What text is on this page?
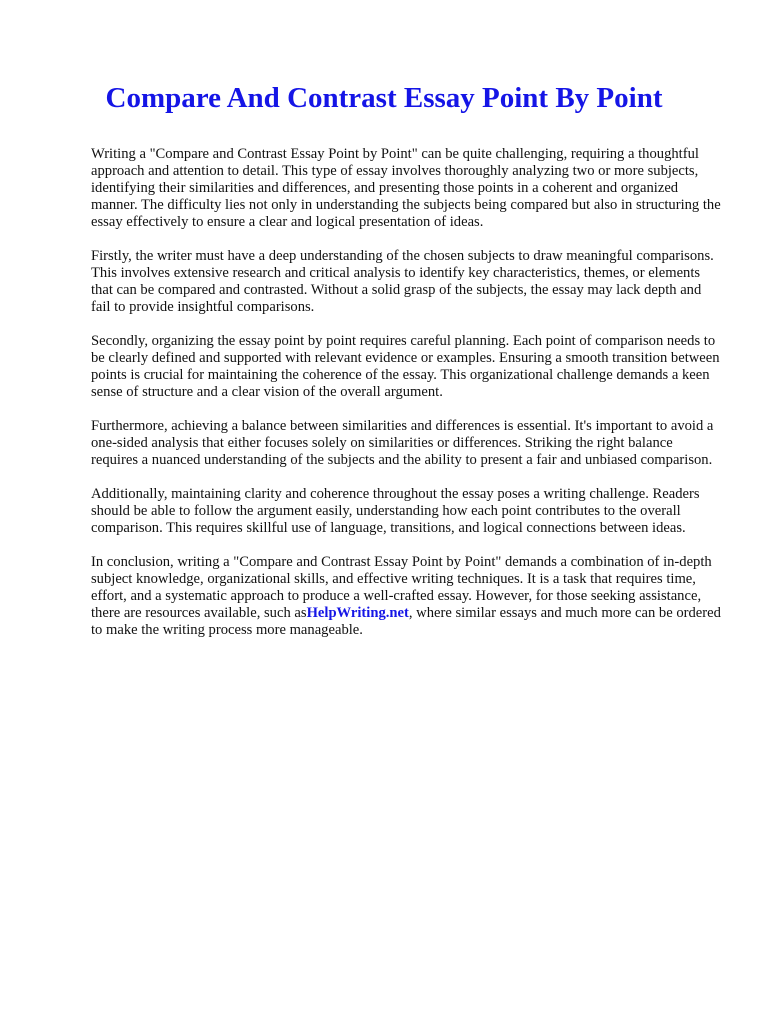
Compare And Contrast Essay Point By Point

Writing a "Compare and Contrast Essay Point by Point" can be quite challenging, requiring a thoughtful approach and attention to detail. This type of essay involves thoroughly analyzing two or more subjects, identifying their similarities and differences, and presenting those points in a coherent and organized manner. The difficulty lies not only in understanding the subjects being compared but also in structuring the essay effectively to ensure a clear and logical presentation of ideas.

Firstly, the writer must have a deep understanding of the chosen subjects to draw meaningful comparisons. This involves extensive research and critical analysis to identify key characteristics, themes, or elements that can be compared and contrasted. Without a solid grasp of the subjects, the essay may lack depth and fail to provide insightful comparisons.

Secondly, organizing the essay point by point requires careful planning. Each point of comparison needs to be clearly defined and supported with relevant evidence or examples. Ensuring a smooth transition between points is crucial for maintaining the coherence of the essay. This organizational challenge demands a keen sense of structure and a clear vision of the overall argument.

Furthermore, achieving a balance between similarities and differences is essential. It's important to avoid a one-sided analysis that either focuses solely on similarities or differences. Striking the right balance requires a nuanced understanding of the subjects and the ability to present a fair and unbiased comparison.

Additionally, maintaining clarity and coherence throughout the essay poses a writing challenge. Readers should be able to follow the argument easily, understanding how each point contributes to the overall comparison. This requires skillful use of language, transitions, and logical connections between ideas.

In conclusion, writing a "Compare and Contrast Essay Point by Point" demands a combination of in-depth subject knowledge, organizational skills, and effective writing techniques. It is a task that requires time, effort, and a systematic approach to produce a well-crafted essay. However, for those seeking assistance, there are resources available, such asHelpWriting.net, where similar essays and much more can be ordered to make the writing process more manageable.
